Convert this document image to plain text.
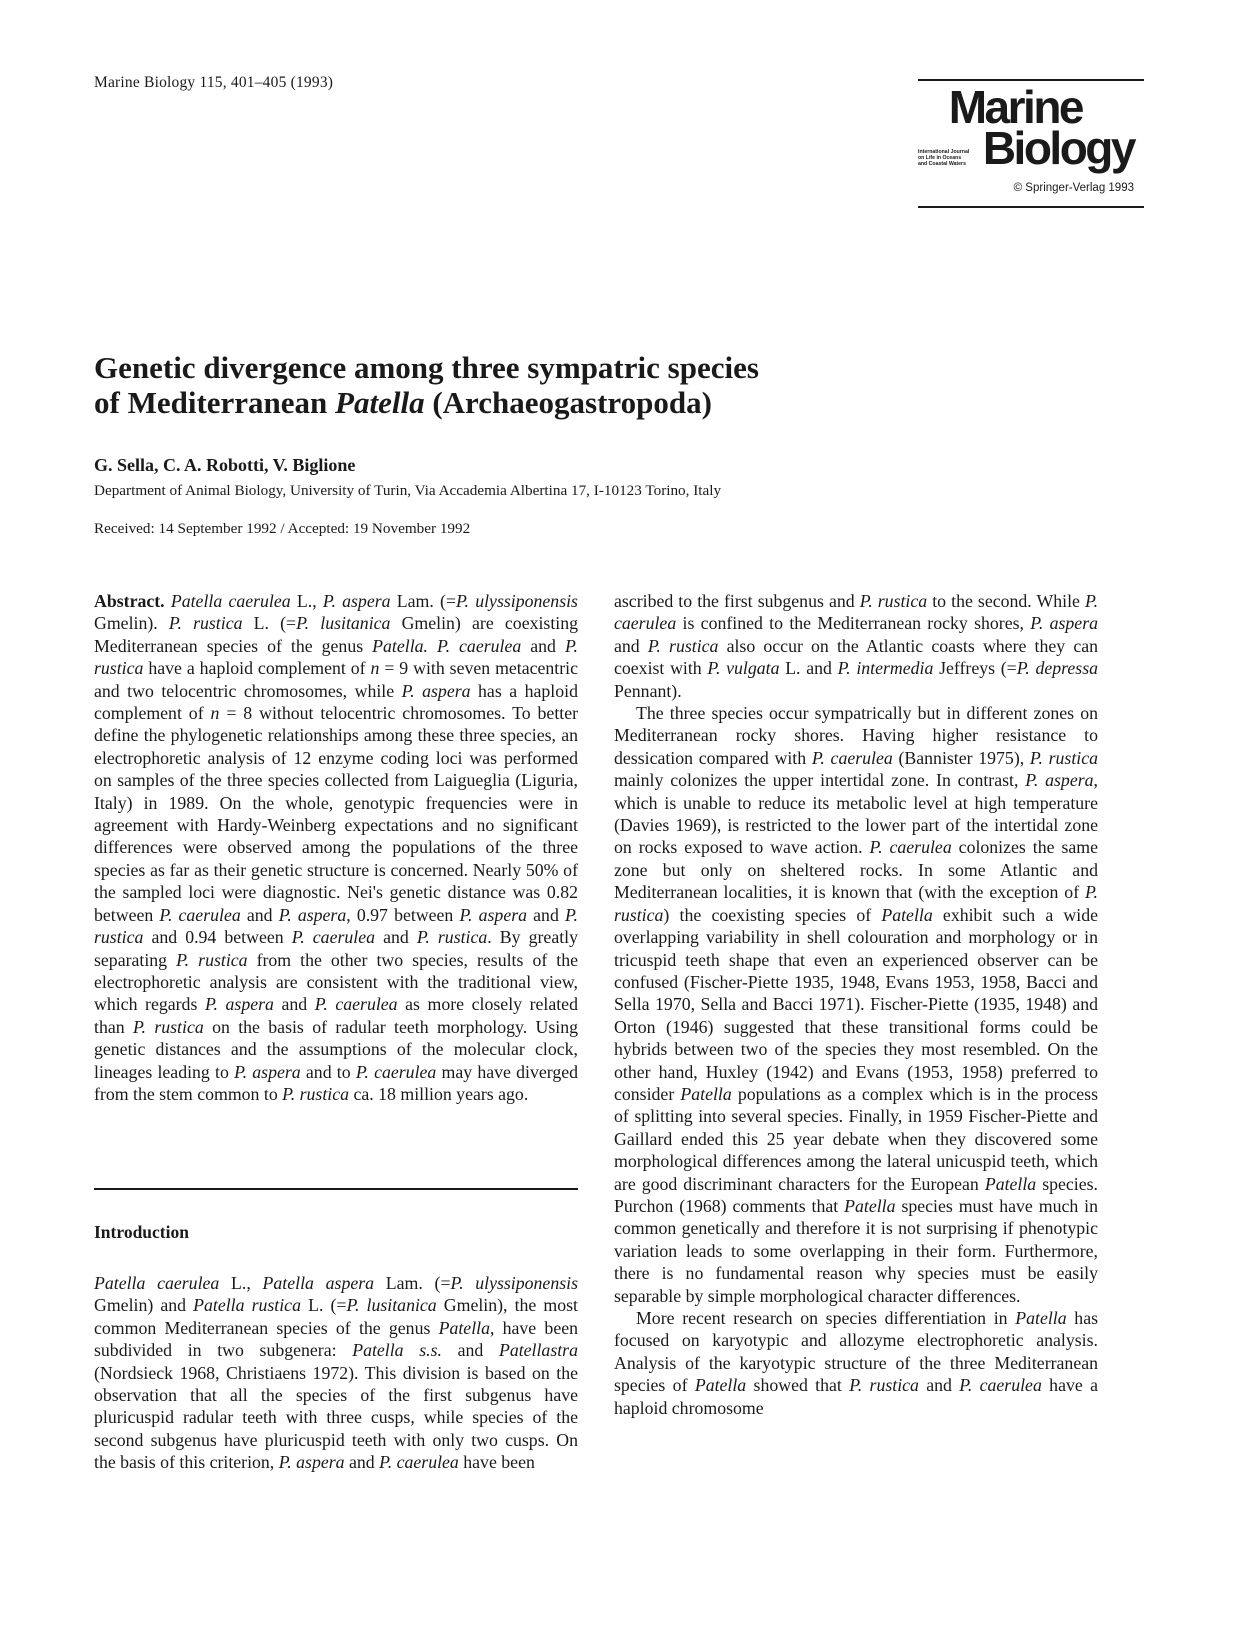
Marine Biology 115, 401–405 (1993)	Marine
International Journal
on Life in Oceans
and Coastal Waters Biology
© Springer-Verlag 1993
Genetic divergence among three sympatric species
of Mediterranean Patella (Archaeogastropoda)
G. Sella, C. A. Robotti, V. Biglione
Department of Animal Biology, University of Turin, Via Accademia Albertina 17, I-10123 Torino, Italy
Received: 14 September 1992 / Accepted: 19 November 1992

Abstract. Patella caerulea L., P. aspera Lam. (=P. ulyssiponensis Gmelin). P. rustica L. (=P. lusitanica Gmelin) are coexisting Mediterranean species of the genus Patella. P. caerulea and P. rustica have a haploid complement of n = 9 with seven metacentric and two telocentric chromosomes, while P. aspera has a haploid complement of n = 8 without telocentric chromosomes. To better define the phylogenetic relationships among these three species, an electrophoretic analysis of 12 enzyme coding loci was performed on samples of the three species collected from Laigueglia (Liguria, Italy) in 1989. On the whole, genotypic frequencies were in agreement with Hardy-Weinberg expectations and no significant differences were observed among the populations of the three species as far as their genetic structure is concerned. Nearly 50% of the sampled loci were diagnostic. Nei's genetic distance was 0.82 between P. caerulea and P. aspera, 0.97 between P. aspera and P. rustica and 0.94 between P. caerulea and P. rustica. By greatly separating P. rustica from the other two species, results of the electrophoretic analysis are consistent with the traditional view, which regards P. aspera and P. caerulea as more closely related than P. rustica on the basis of radular teeth morphology. Using genetic distances and the assumptions of the molecular clock, lineages leading to P. aspera and to P. caerulea may have diverged from the stem common to P. rustica ca. 18 million years ago.

Introduction

Patella caerulea L., Patella aspera Lam. (=P. ulyssiponensis Gmelin) and Patella rustica L. (=P. lusitanica Gmelin), the most common Mediterranean species of the genus Patella, have been subdivided in two subgenera: Patella s.s. and Patellastra (Nordsieck 1968, Christiaens 1972). This division is based on the observation that all the species of the first subgenus have pluricuspid radular teeth with three cusps, while species of the second subgenus have pluricuspid teeth with only two cusps. On the basis of this criterion, P. aspera and P. caerulea have been

ascribed to the first subgenus and P. rustica to the second. While P. caerulea is confined to the Mediterranean rocky shores, P. aspera and P. rustica also occur on the Atlantic coasts where they can coexist with P. vulgata L. and P. intermedia Jeffreys (=P. depressa Pennant).

The three species occur sympatrically but in different zones on Mediterranean rocky shores. Having higher resistance to dessication compared with P. caerulea (Bannister 1975), P. rustica mainly colonizes the upper intertidal zone. In contrast, P. aspera, which is unable to reduce its metabolic level at high temperature (Davies 1969), is restricted to the lower part of the intertidal zone on rocks exposed to wave action. P. caerulea colonizes the same zone but only on sheltered rocks. In some Atlantic and Mediterranean localities, it is known that (with the exception of P. rustica) the coexisting species of Patella exhibit such a wide overlapping variability in shell colouration and morphology or in tricuspid teeth shape that even an experienced observer can be confused (Fischer-Piette 1935, 1948, Evans 1953, 1958, Bacci and Sella 1970, Sella and Bacci 1971). Fischer-Piette (1935, 1948) and Orton (1946) suggested that these transitional forms could be hybrids between two of the species they most resembled. On the other hand, Huxley (1942) and Evans (1953, 1958) preferred to consider Patella populations as a complex which is in the process of splitting into several species. Finally, in 1959 Fischer-Piette and Gaillard ended this 25 year debate when they discovered some morphological differences among the lateral unicuspid teeth, which are good discriminant characters for the European Patella species. Purchon (1968) comments that Patella species must have much in common genetically and therefore it is not surprising if phenotypic variation leads to some overlapping in their form. Furthermore, there is no fundamental reason why species must be easily separable by simple morphological character differences.

More recent research on species differentiation in Patella has focused on karyotypic and allozyme electrophoretic analysis. Analysis of the karyotypic structure of the three Mediterranean species of Patella showed that P. rustica and P. caerulea have a haploid chromosome
